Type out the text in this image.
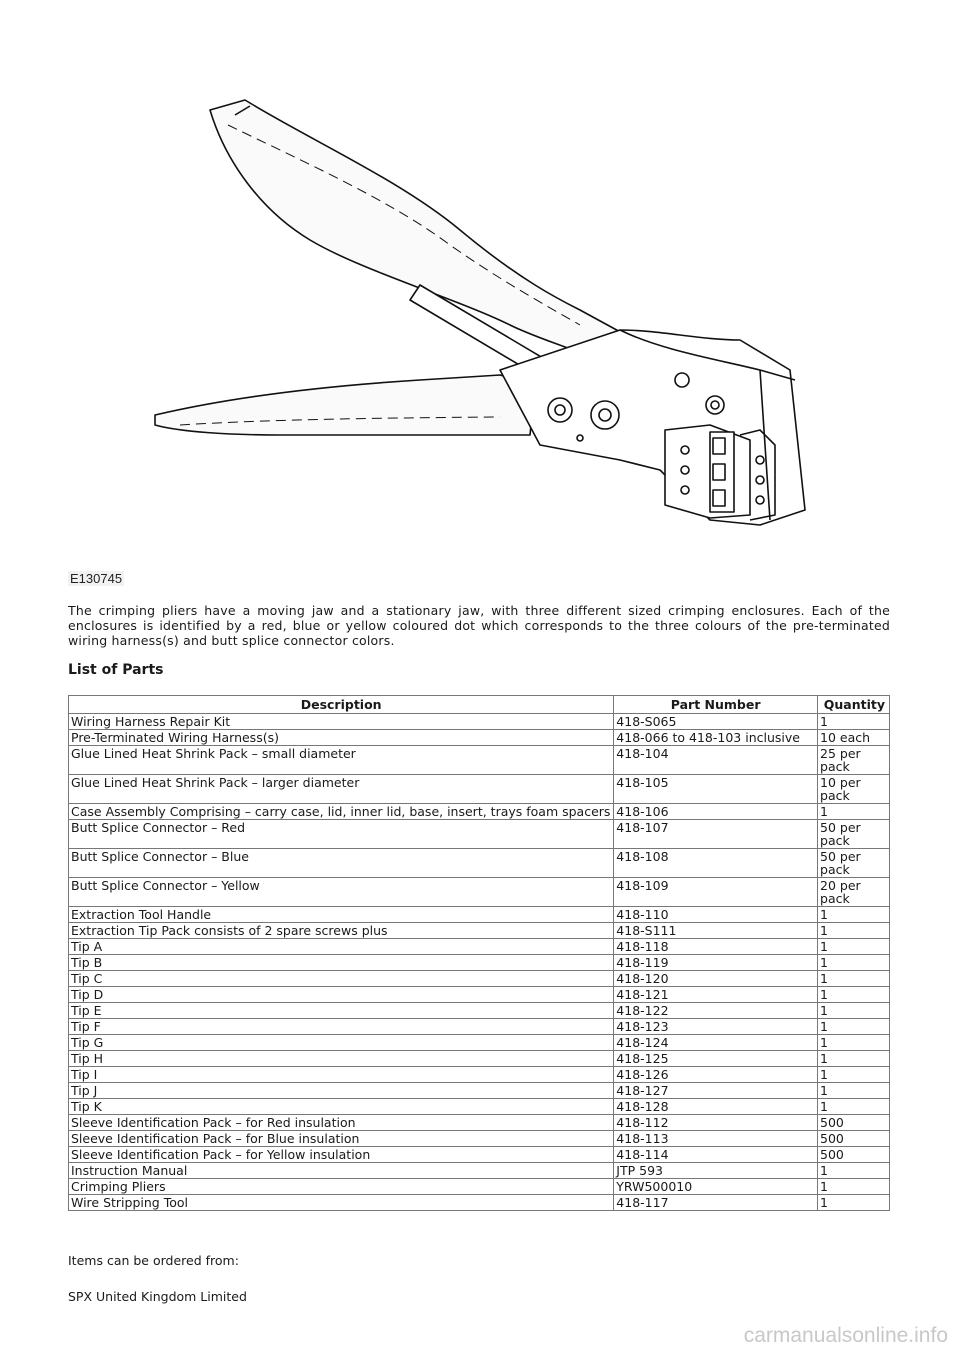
E130745
The crimping pliers have a moving jaw and a stationary jaw, with three different sized crimping enclosures. Each of the enclosures is identified by a red, blue or yellow coloured dot which corresponds to the three colours of the pre-terminated wiring harness(s) and butt splice connector colors.
List of Parts
Description	Part Number	Quantity
Wiring Harness Repair Kit	418-S065	1
Pre-Terminated Wiring Harness(s)	418-066 to 418-103 inclusive	10 each
Glue Lined Heat Shrink Pack – small diameter	418-104	25 per pack
Glue Lined Heat Shrink Pack – larger diameter	418-105	10 per pack
Case Assembly Comprising – carry case, lid, inner lid, base, insert, trays foam spacers	418-106	1
Butt Splice Connector – Red	418-107	50 per pack
Butt Splice Connector – Blue	418-108	50 per pack
Butt Splice Connector – Yellow	418-109	20 per pack
Extraction Tool Handle	418-110	1
Extraction Tip Pack consists of 2 spare screws plus	418-S111	1
Tip A	418-118	1
Tip B	418-119	1
Tip C	418-120	1
Tip D	418-121	1
Tip E	418-122	1
Tip F	418-123	1
Tip G	418-124	1
Tip H	418-125	1
Tip I	418-126	1
Tip J	418-127	1
Tip K	418-128	1
Sleeve Identification Pack – for Red insulation	418-112	500
Sleeve Identification Pack – for Blue insulation	418-113	500
Sleeve Identification Pack – for Yellow insulation	418-114	500
Instruction Manual	JTP 593	1
Crimping Pliers	YRW500010	1
Wire Stripping Tool	418-117	1
Items can be ordered from:
SPX United Kingdom Limited
carmanualsonline.info
